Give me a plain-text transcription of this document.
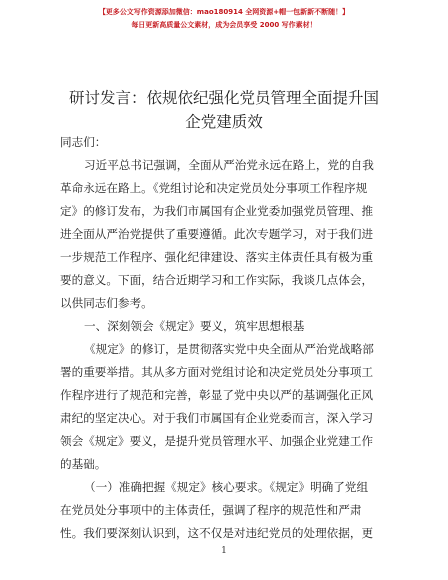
【更多公文写作资源添加微信：mao180914 全网资源+帽一包新新不断随！】
每日更新高质量公文素材，成为会员享受 2000 写作素材！
研讨发言：依规依纪强化党员管理全面提升国
企党建质效
同志们：
习近平总书记强调，全面从严治党永远在路上，党的自我
革命永远在路上。《党组讨论和决定党员处分事项工作程序规
定》的修订发布，为我们市属国有企业党委加强党员管理、推
进全面从严治党提供了重要遵循。此次专题学习，对于我们进
一步规范工作程序、强化纪律建设、落实主体责任具有极为重
要的意义。下面，结合近期学习和工作实际，我谈几点体会，
以供同志们参考。
一、深刻领会《规定》要义，筑牢思想根基
《规定》的修订，是贯彻落实党中央全面从严治党战略部
署的重要举措。其从多方面对党组讨论和决定党员处分事项工
作程序进行了规范和完善，彰显了党中央以严的基调强化正风
肃纪的坚定决心。对于我们市属国有企业党委而言，深入学习
领会《规定》要义，是提升党员管理水平、加强企业党建工作
的基础。
（一）准确把握《规定》核心要求。《规定》明确了党组
在党员处分事项中的主体责任，强调了程序的规范性和严肃
性。我们要深刻认识到，这不仅是对违纪党员的处理依据，更
1
